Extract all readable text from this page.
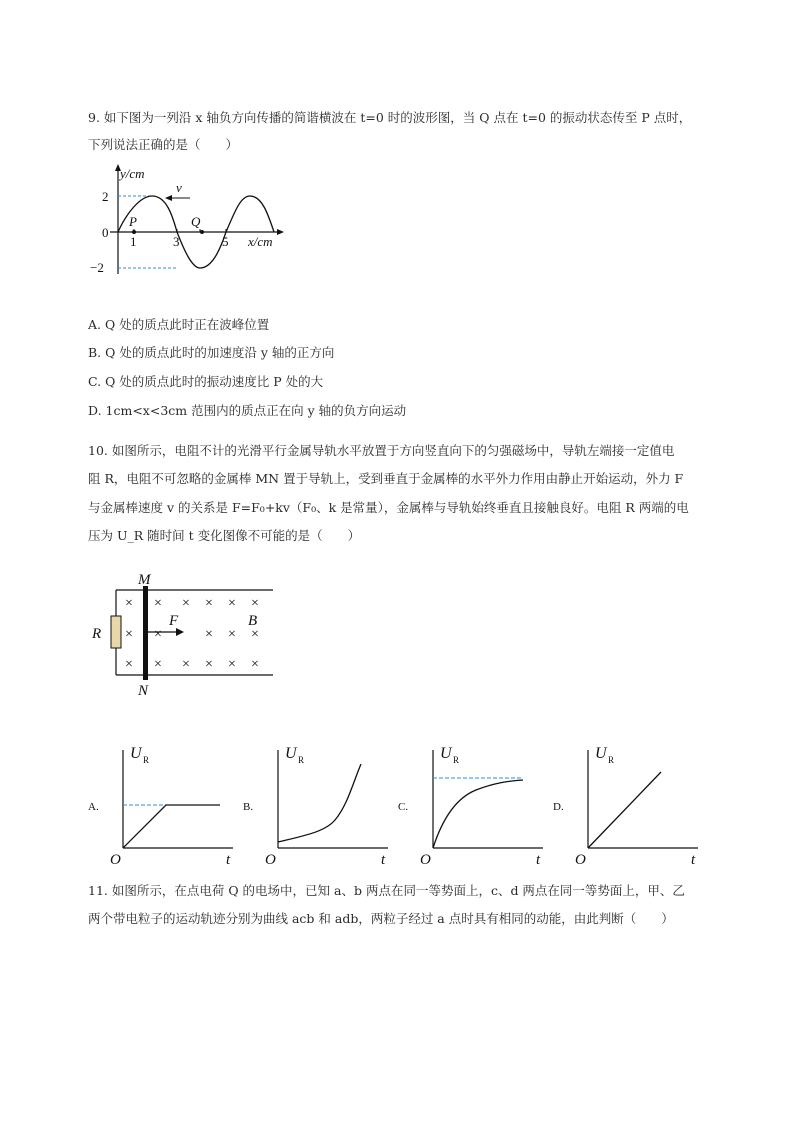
9. 如下图为一列沿 x 轴负方向传播的简谐横波在 t=0 时的波形图，当 Q 点在 t=0 的振动状态传至 P 点时，
下列说法正确的是（　　）
y/cm
x/cm
2
0
−2
1	3	5
P	Q
v
A. Q 处的质点此时正在波峰位置
B. Q 处的质点此时的加速度沿 y 轴的正方向
C. Q 处的质点此时的振动速度比 P 处的大
D. 1cm<x<3cm 范围内的质点正在向 y 轴的负方向运动
10. 如图所示，电阻不计的光滑平行金属导轨水平放置于方向竖直向下的匀强磁场中，导轨左端接一定值电
阻 R，电阻不可忽略的金属棒 MN 置于导轨上，受到垂直于金属棒的水平外力作用由静止开始运动，外力 F
与金属棒速度 v 的关系是 F=F₀+kv（F₀、k 是常量），金属棒与导轨始终垂直且接触良好。电阻 R 两端的电
压为 U_R 随时间 t 变化图像不可能的是（　　）
× × × × × ×
× ×	× × ×
× × × × × ×
M
N
R
F	B
A.
U R
O	t
B.
U R
O	t
C.
U R
O	t
D.
U R
O	t
11. 如图所示，在点电荷 Q 的电场中，已知 a、b 两点在同一等势面上，c、d 两点在同一等势面上，甲、乙
两个带电粒子的运动轨迹分别为曲线 acb 和 adb，两粒子经过 a 点时具有相同的动能，由此判断（　　）
